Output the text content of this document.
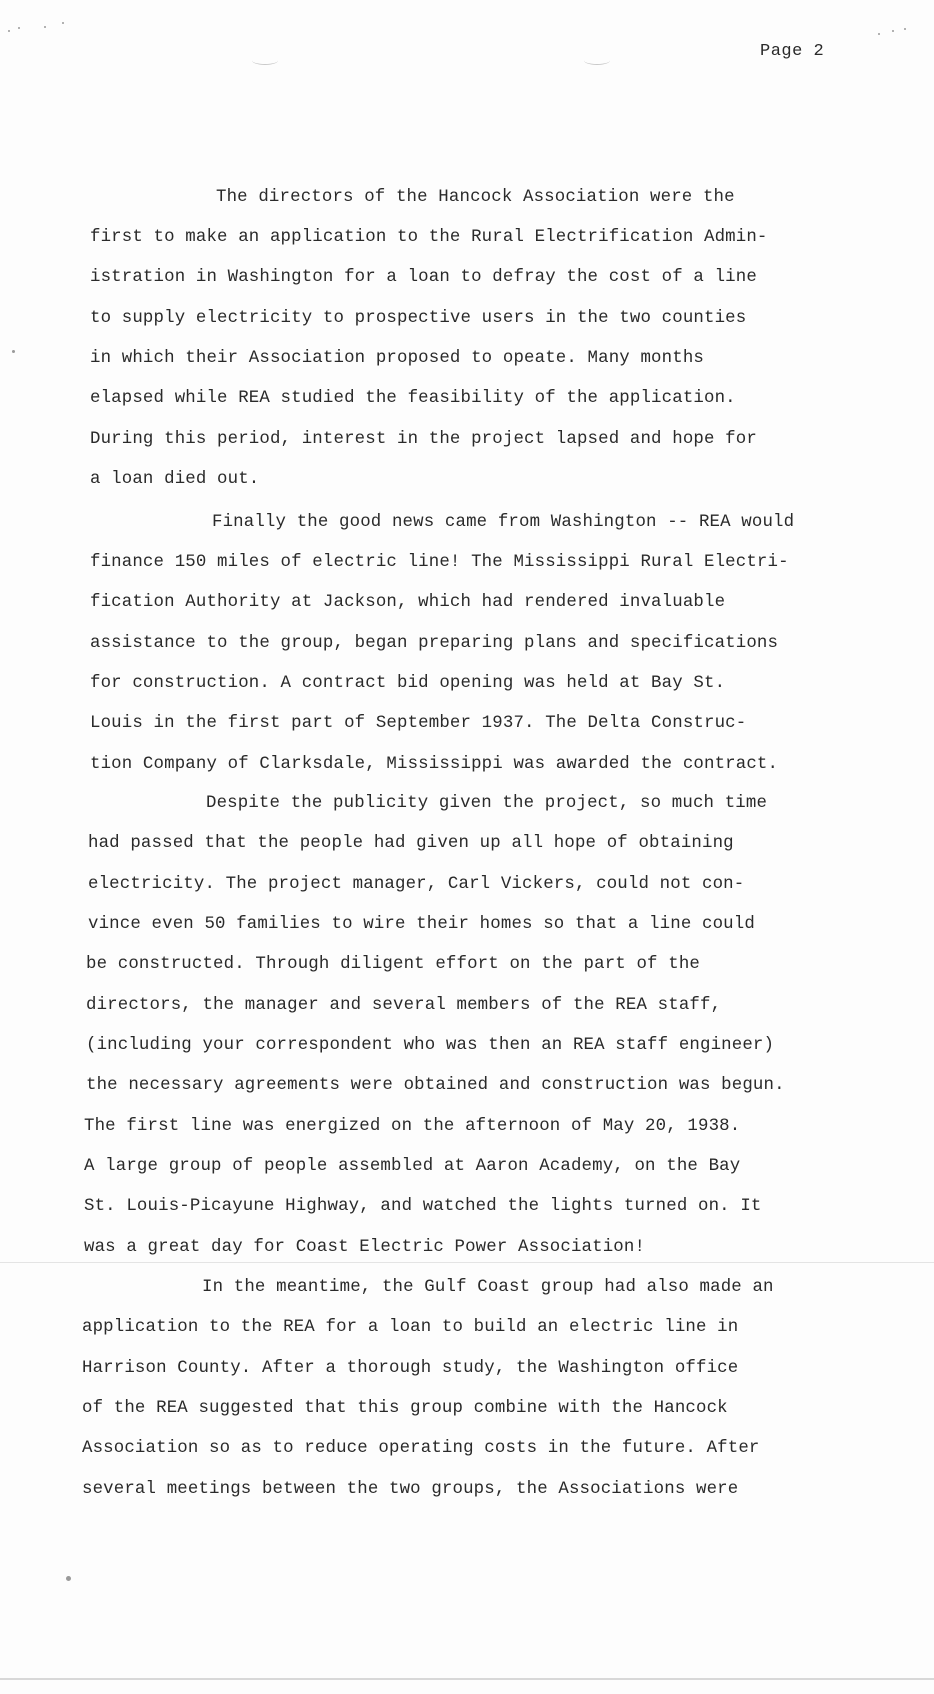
Page 2
The directors of the Hancock Association were the
first to make an application to the Rural Electrification Admin-
istration in Washington for a loan to defray the cost of a line
to supply electricity to prospective users in the two counties
in which their Association proposed to opeate. Many months
elapsed while REA studied the feasibility of the application.
During this period, interest in the project lapsed and hope for
a loan died out.
Finally the good news came from Washington -- REA would
finance 150 miles of electric line! The Mississippi Rural Electri-
fication Authority at Jackson, which had rendered invaluable
assistance to the group, began preparing plans and specifications
for construction. A contract bid opening was held at Bay St.
Louis in the first part of September 1937. The Delta Construc-
tion Company of Clarksdale, Mississippi was awarded the contract.
Despite the publicity given the project, so much time
had passed that the people had given up all hope of obtaining
electricity. The project manager, Carl Vickers, could not con-
vince even 50 families to wire their homes so that a line could
be constructed. Through diligent effort on the part of the
directors, the manager and several members of the REA staff,
(including your correspondent who was then an REA staff engineer)
the necessary agreements were obtained and construction was begun.
The first line was energized on the afternoon of May 20, 1938.
A large group of people assembled at Aaron Academy, on the Bay
St. Louis-Picayune Highway, and watched the lights turned on. It
was a great day for Coast Electric Power Association!
In the meantime, the Gulf Coast group had also made an
application to the REA for a loan to build an electric line in
Harrison County. After a thorough study, the Washington office
of the REA suggested that this group combine with the Hancock
Association so as to reduce operating costs in the future. After
several meetings between the two groups, the Associations were
